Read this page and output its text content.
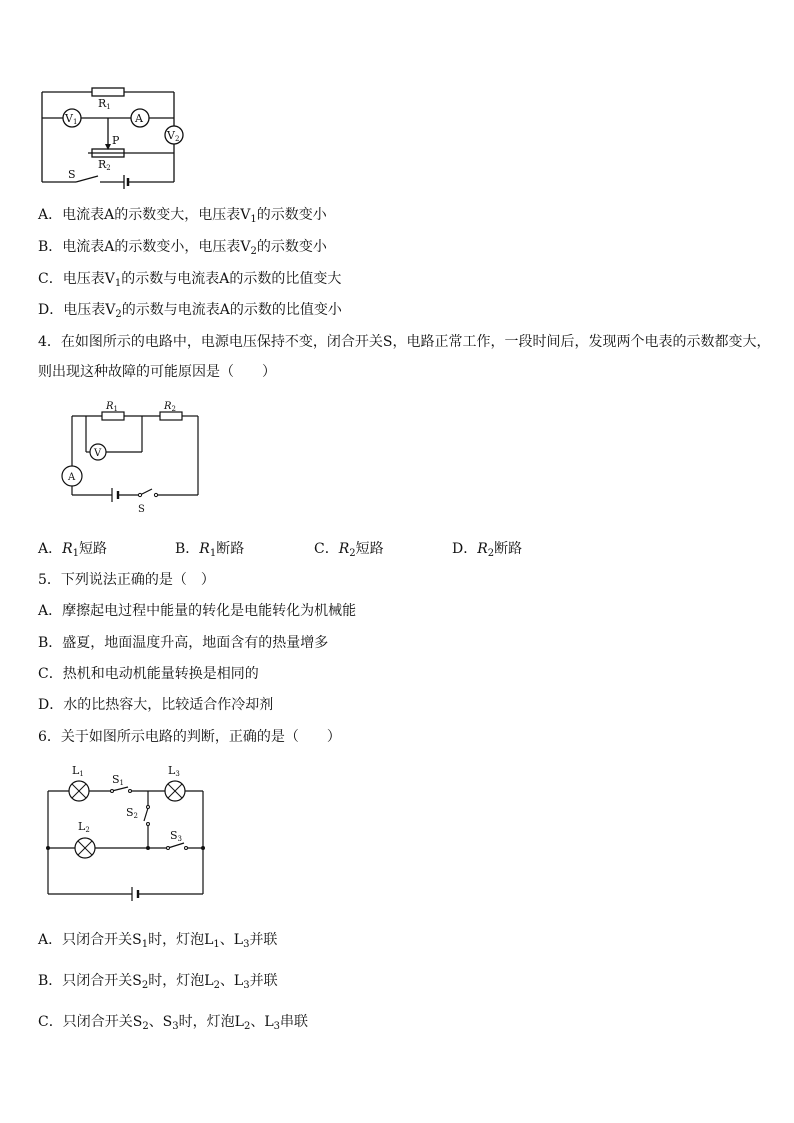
V1	A
V2
R1
P
R2
S
A．电流表A的示数变大，电压表$V_1$的示数变小
B．电流表A的示数变小，电压表$V_2$的示数变小
C．电压表$V_1$的示数与电流表A的示数的比值变大
D．电压表$V_2$的示数与电流表A的示数的比值变小
4．在如图所示的电路中，电源电压保持不变，闭合开关S，电路正常工作，一段时间后，发现两个电表的示数都变大，
则出现这种故障的可能原因是（　　）
V
A
$R_1$	$R_2$
S
A．$R_1$短路	B．$R_1$断路	C．$R_2$短路	D．$R_2$断路
5．下列说法正确的是（　）
A．摩擦起电过程中能量的转化是电能转化为机械能
B．盛夏，地面温度升高，地面含有的热量增多
C．热机和电动机能量转换是相同的
D．水的比热容大，比较适合作冷却剂
6．关于如图所示电路的判断，正确的是（　　）
L1	L3
L2
S1
S2
S3
A．只闭合开关$S_1$时，灯泡$L_1$、$L_3$并联
B．只闭合开关$S_2$时，灯泡$L_2$、$L_3$并联
C．只闭合开关$S_2$、$S_3$时，灯泡$L_2$、$L_3$串联
